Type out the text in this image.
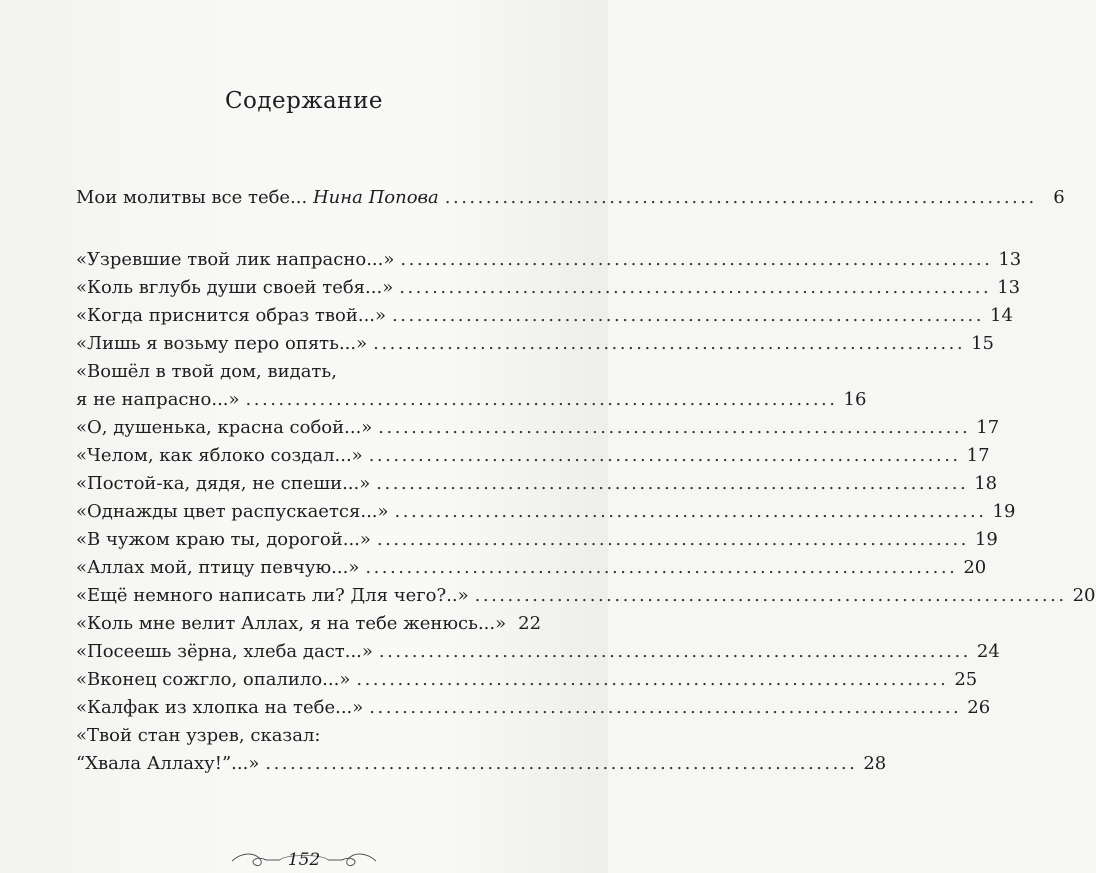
Содержание
Мои молитвы все тебе... Нина Попова ........................................................................ 6
«Узревшие твой лик напрасно...» ........................................................................ 13
«Коль вглубь души своей тебя...» ........................................................................ 13
«Когда приснится образ твой...» ........................................................................ 14
«Лишь я возьму перо опять...» ........................................................................ 15
«Вошёл в твой дом, видать,
я не напрасно...» ........................................................................ 16
«О, душенька, красна собой...» ........................................................................ 17
«Челом, как яблоко создал...» ........................................................................ 17
«Постой-ка, дядя, не спеши...» ........................................................................ 18
«Однажды цвет распускается...» ........................................................................ 19
«В чужом краю ты, дорогой...» ........................................................................ 19
«Аллах мой, птицу певчую...» ........................................................................ 20
«Ещё немного написать ли? Для чего?..» ........................................................................ 20
«Коль мне велит Аллах, я на тебе женюсь...» 22
«Посеешь зёрна, хлеба даст...» ........................................................................ 24
«Вконец сожгло, опалило...» ........................................................................ 25
«Калфак из хлопка на тебе...» ........................................................................ 26
«Твой стан узрев, сказал:
“Хвала Аллаху!”...» ........................................................................ 28
152
